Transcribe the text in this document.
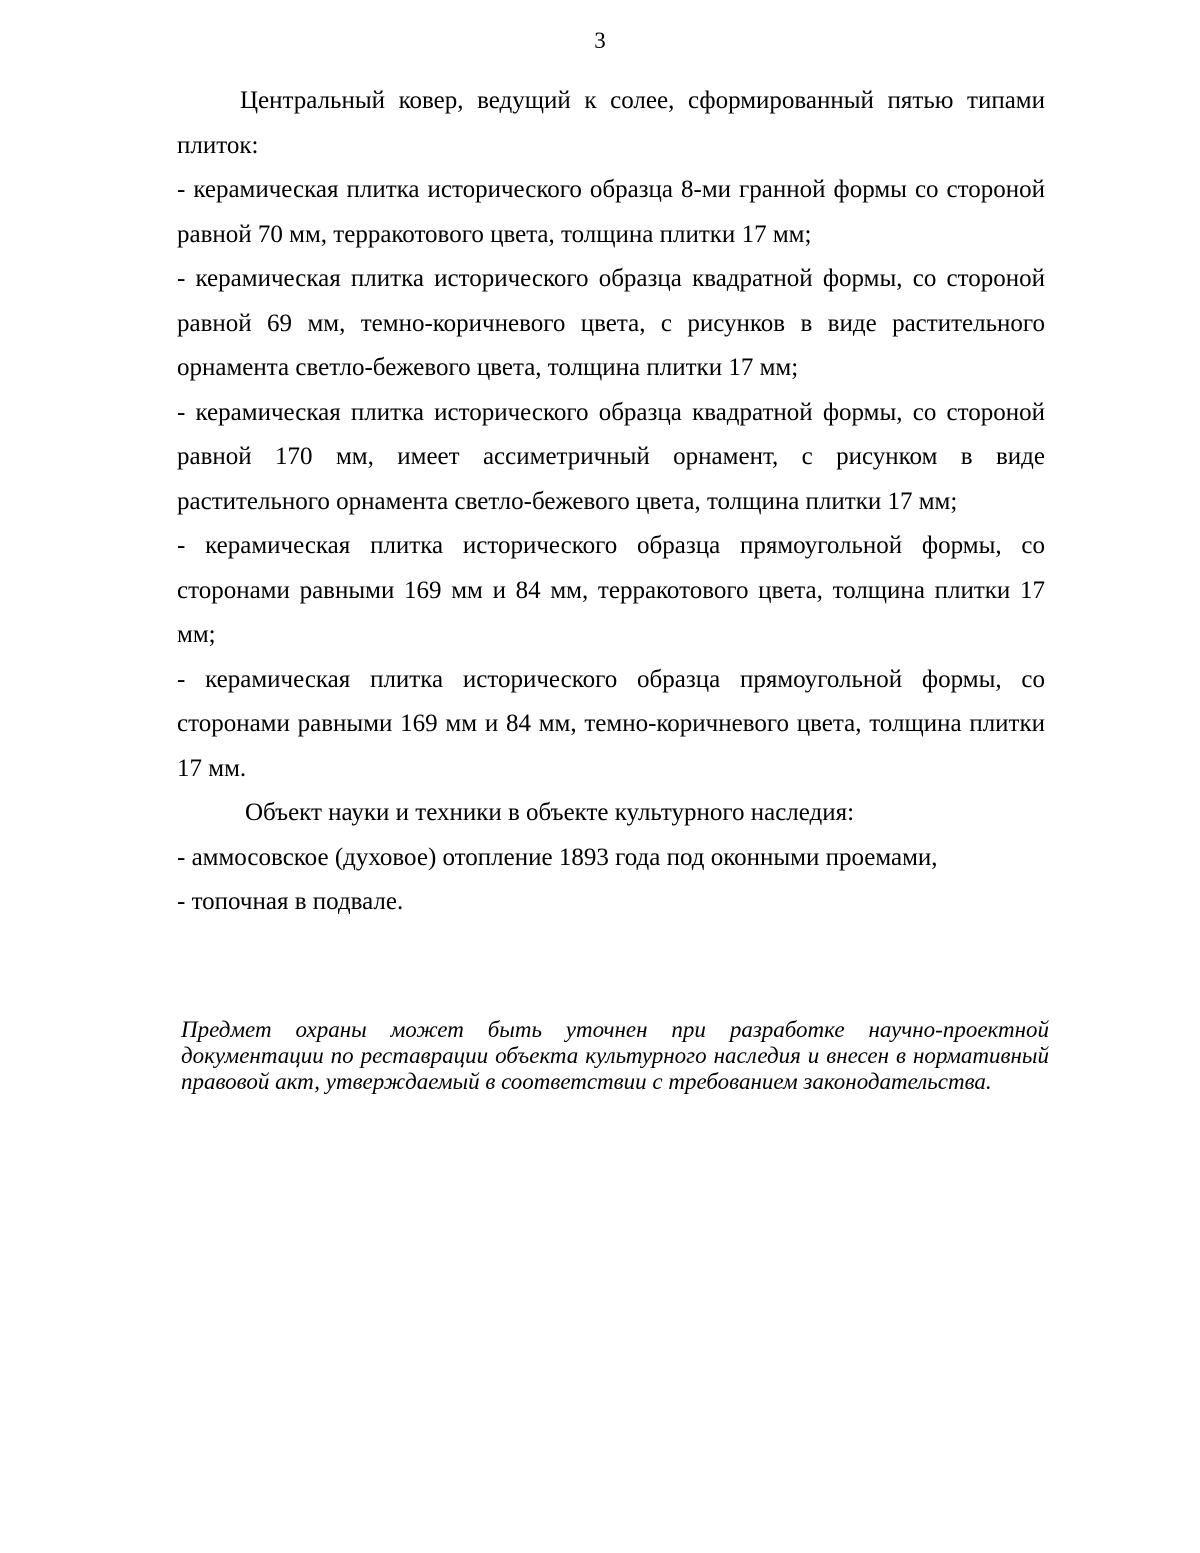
3

Центральный ковер, ведущий к солее, сформированный пятью типами плиток:

- керамическая плитка исторического образца 8-ми гранной формы со стороной равной 70 мм, терракотового цвета, толщина плитки 17 мм;

- керамическая плитка исторического образца квадратной формы, со стороной равной 69 мм, темно-коричневого цвета, с рисунков в виде растительного орнамента светло-бежевого цвета, толщина плитки 17 мм;

- керамическая плитка исторического образца квадратной формы, со стороной равной 170 мм, имеет ассиметричный орнамент, с рисунком в виде растительного орнамента светло-бежевого цвета, толщина плитки 17 мм;

- керамическая плитка исторического образца прямоугольной формы, со сторонами равными 169 мм и 84 мм, терракотового цвета, толщина плитки 17 мм;

- керамическая плитка исторического образца прямоугольной формы, со сторонами равными 169 мм и 84 мм, темно-коричневого цвета, толщина плитки 17 мм.

Объект науки и техники в объекте культурного наследия:

- аммосовское (духовое) отопление 1893 года под оконными проемами,

- топочная в подвале.

Предмет охраны может быть уточнен при разработке научно-проектной документации по реставрации объекта культурного наследия и внесен в нормативный правовой акт, утверждаемый в соответствии с требованием законодательства.
